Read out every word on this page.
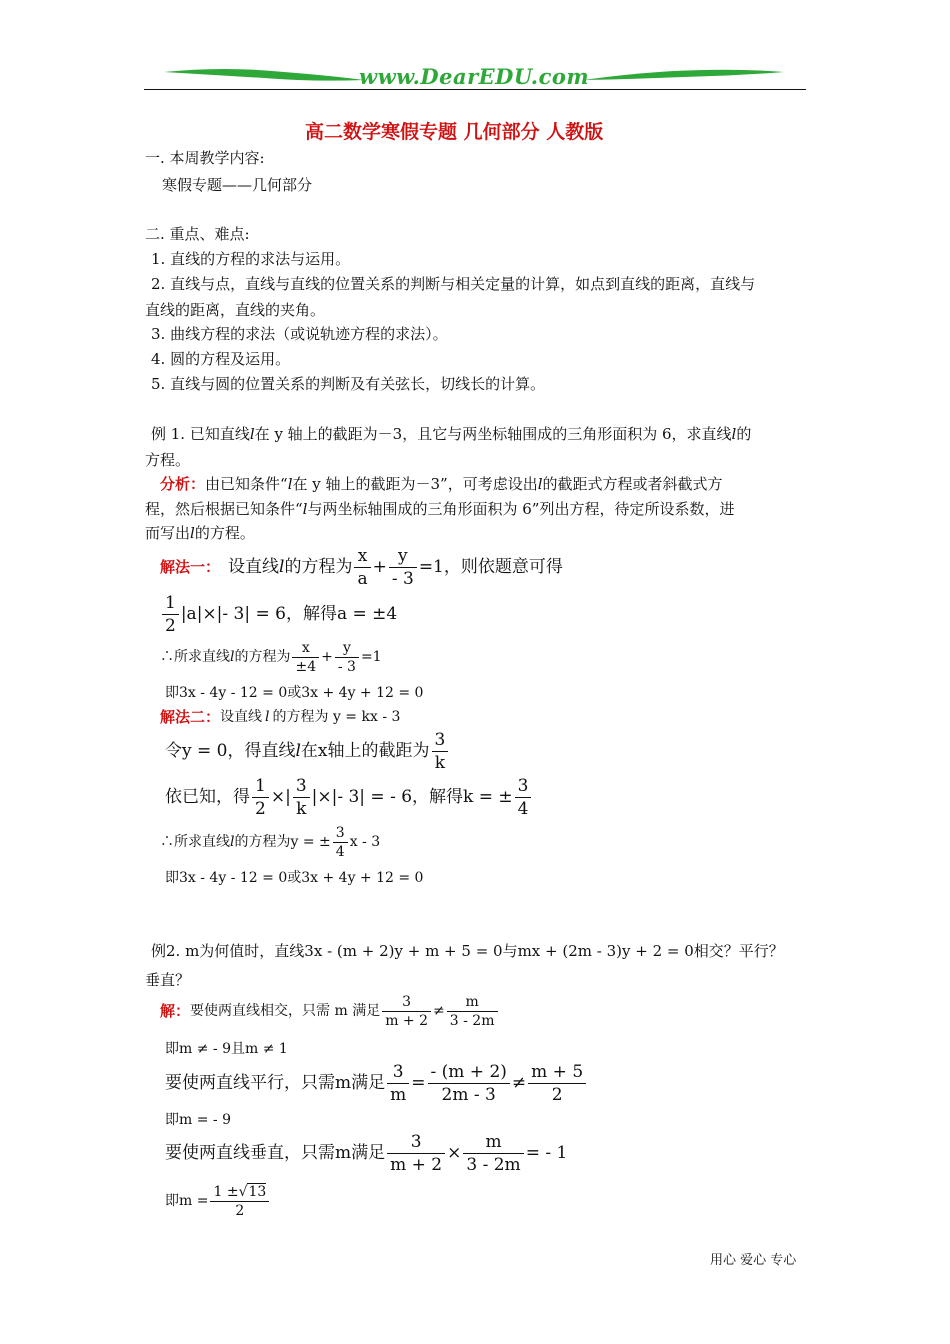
www.DearEDU.com
高二数学寒假专题 几何部分 人教版
一. 本周教学内容:
寒假专题——几何部分
二. 重点、难点:
1. 直线的方程的求法与运用。
2. 直线与点，直线与直线的位置关系的判断与相关定量的计算，如点到直线的距离，直线与
直线的距离，直线的夹角。
3. 曲线方程的求法（或说轨迹方程的求法）。
4. 圆的方程及运用。
5. 直线与圆的位置关系的判断及有关弦长，切线长的计算。
例 1. 已知直线l在 y 轴上的截距为－3，且它与两坐标轴围成的三角形面积为 6，求直线l的
方程。
分析：由已知条件“l在 y 轴上的截距为－3”，可考虑设出l的截距式方程或者斜截式方
程，然后根据已知条件“l与两坐标轴围成的三角形面积为 6”列出方程，待定所设系数，进
而写出l的方程。
解法一： 设直线 l 的方程为 $\frac{x}{a} + \frac{y}{- 3} =1$，则依题意可得
$\frac{1}{2} |a|\times|-$ 3| = 6，解得a = ±4
∴所求直线 l 的方程为 $\frac{x}{\pm 4} + \frac{y}{- 3} =1$
即3x - 4y - 12 = 0或3x + 4y + 12 = 0
解法二： 设直线 l 的方程为 y = kx - 3
令y = 0，得直线 l 在x轴上的截距为 $\frac{3}{k}$
依已知，得 $\frac{1}{2}$ ×| $\frac{3}{k}$ |×|- 3| = - 6，解得k = ± $\frac{3}{4}$
∴所求直线 l 的方程为y = ± $\frac{3}{4}$ x - 3
即3x - 4y - 12 = 0或3x + 4y + 12 = 0
例2. m为何值时，直线3x - (m + 2)y + m + 5 = 0与mx + (2m - 3)y + 2 = 0相交？平行？
垂直？
解： 要使两直线相交，只需 m 满足 $\frac{3}{m + 2} \ne \frac{m}{3 - 2m}$
即m ≠ - 9且m ≠ 1
要使两直线平行，只需m满足 $\frac{3}{m} = \frac{- (m + 2)}{2m - 3} \ne \frac{m + 5}{2}$
即m = - 9
要使两直线垂直，只需m满足 $\frac{3}{m + 2} \times \frac{m}{3 - 2m}$ = - 1
即$m = \frac{1 \pm√13}{2}$
用心 爱心 专心
